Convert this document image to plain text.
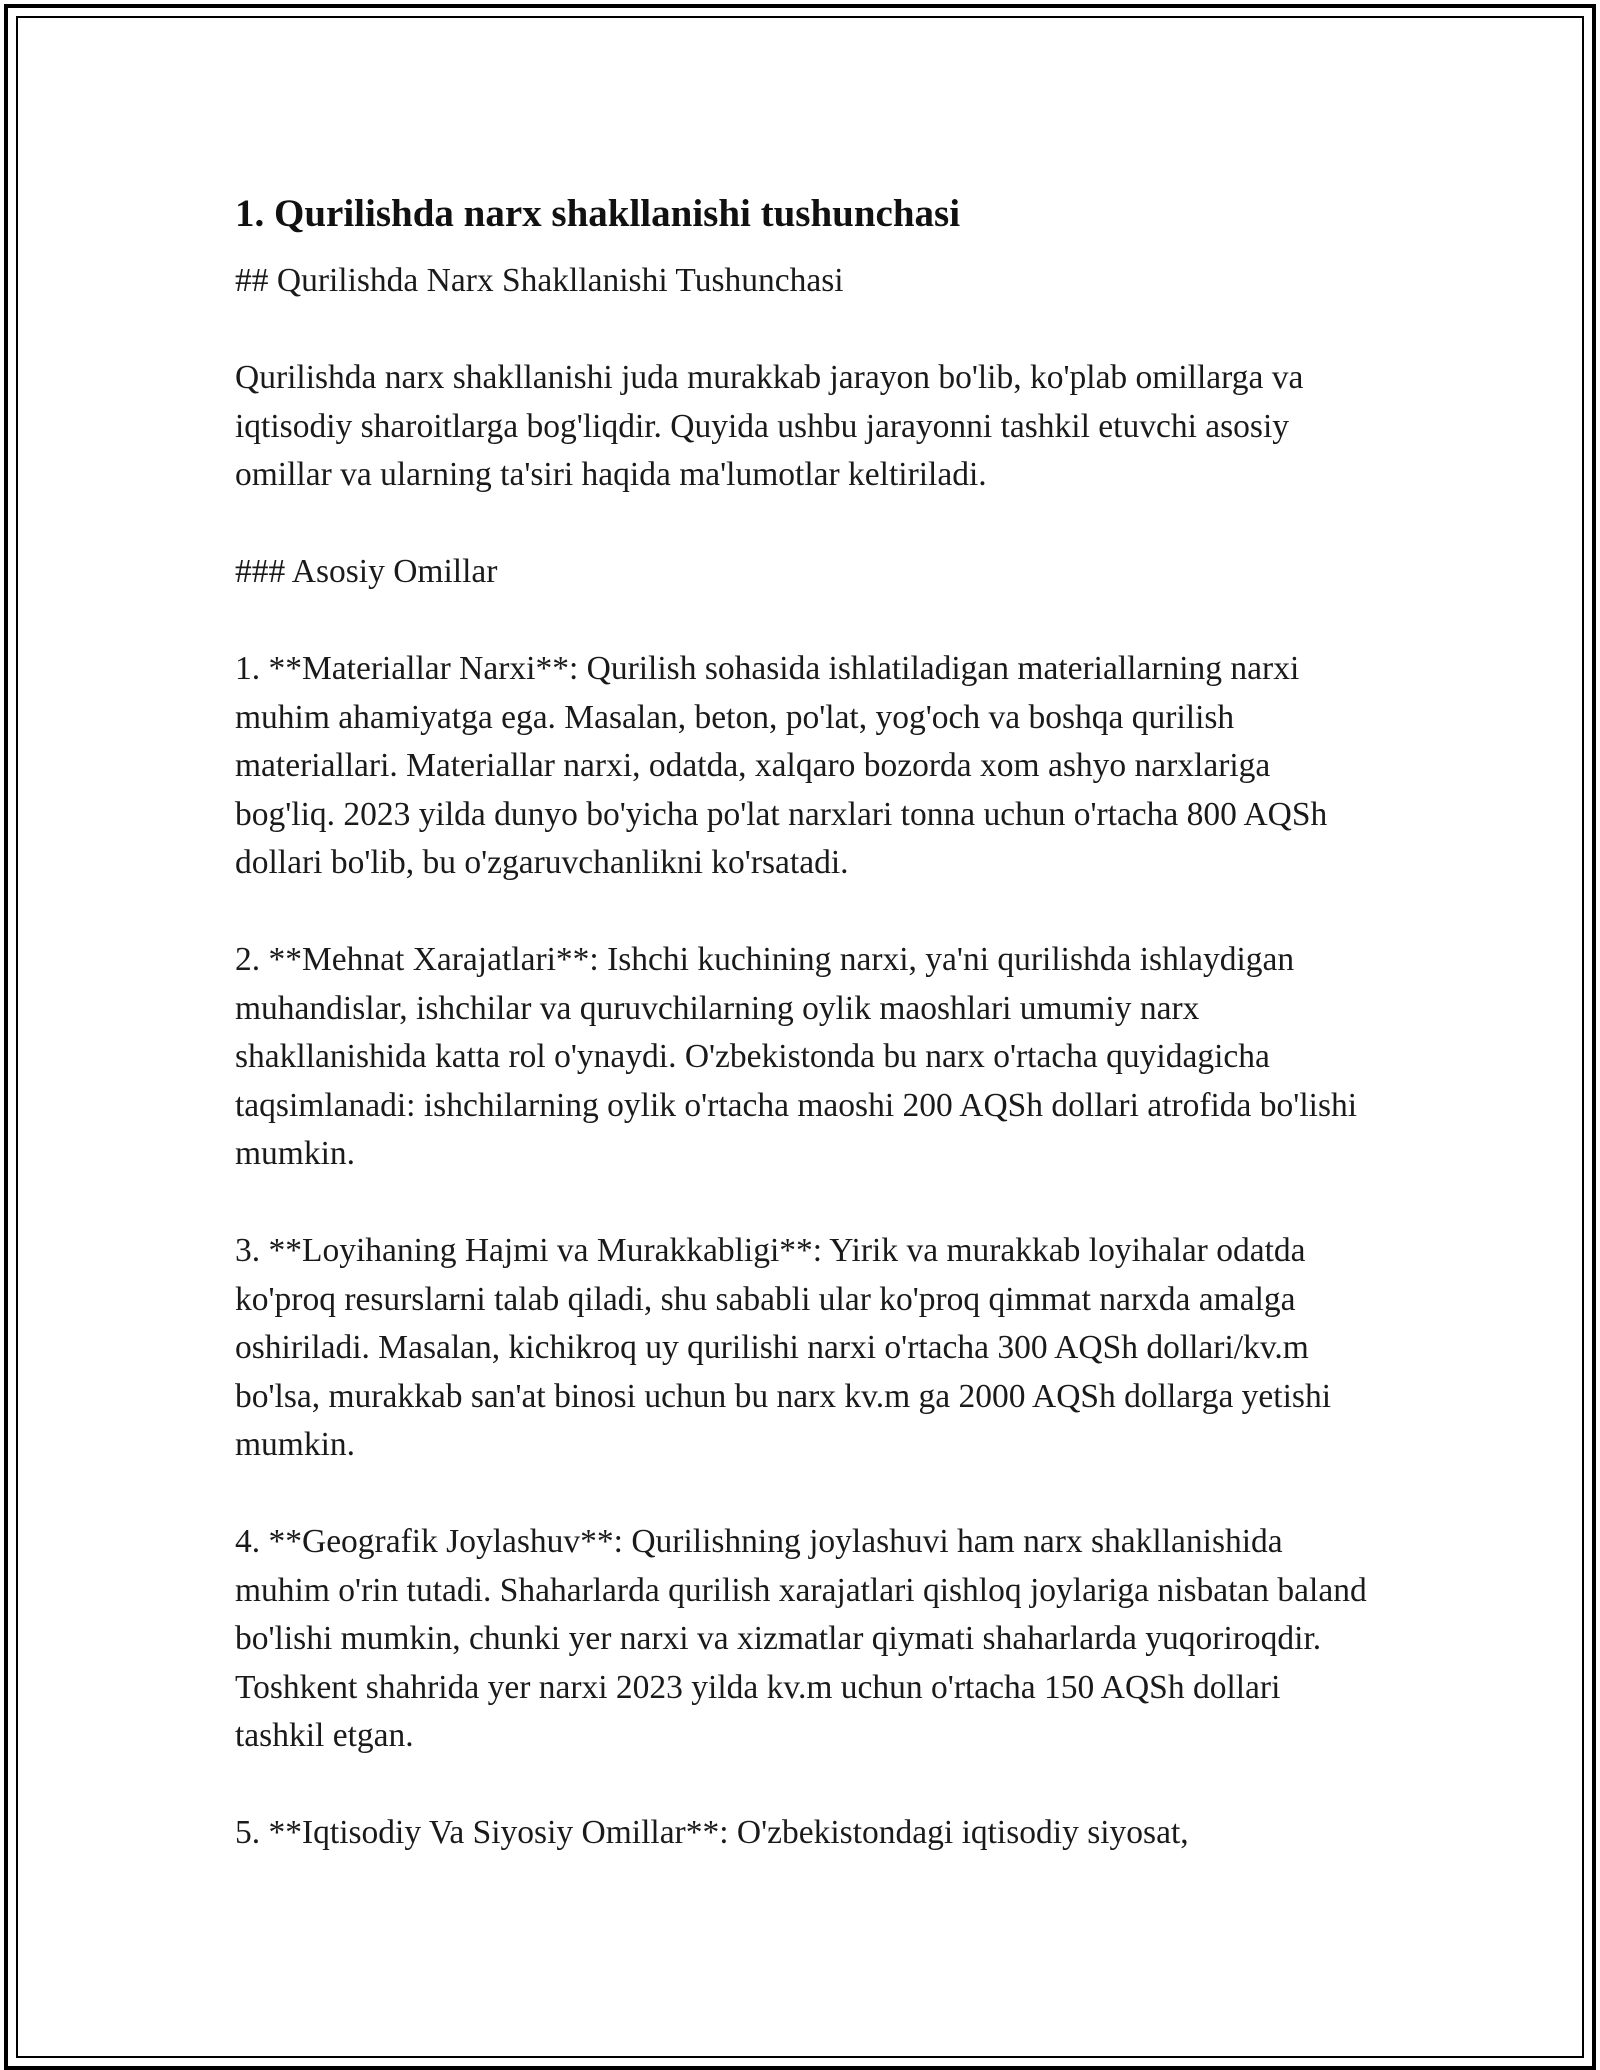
1. Qurilishda narx shakllanishi tushunchasi

## Qurilishda Narx Shakllanishi Tushunchasi

Qurilishda narx shakllanishi juda murakkab jarayon bo'lib, ko'plab omillarga va iqtisodiy sharoitlarga bog'liqdir. Quyida ushbu jarayonni tashkil etuvchi asosiy omillar va ularning ta'siri haqida ma'lumotlar keltiriladi.

### Asosiy Omillar

1. **Materiallar Narxi**: Qurilish sohasida ishlatiladigan materiallarning narxi muhim ahamiyatga ega. Masalan, beton, po'lat, yog'och va boshqa qurilish materiallari. Materiallar narxi, odatda, xalqaro bozorda xom ashyo narxlariga bog'liq. 2023 yilda dunyo bo'yicha po'lat narxlari tonna uchun o'rtacha 800 AQSh dollari bo'lib, bu o'zgaruvchanlikni ko'rsatadi.

2. **Mehnat Xarajatlari**: Ishchi kuchining narxi, ya'ni qurilishda ishlaydigan muhandislar, ishchilar va quruvchilarning oylik maoshlari umumiy narx shakllanishida katta rol o'ynaydi. O'zbekistonda bu narx o'rtacha quyidagicha taqsimlanadi: ishchilarning oylik o'rtacha maoshi 200 AQSh dollari atrofida bo'lishi mumkin.

3. **Loyihaning Hajmi va Murakkabligi**: Yirik va murakkab loyihalar odatda ko'proq resurslarni talab qiladi, shu sababli ular ko'proq qimmat narxda amalga oshiriladi. Masalan, kichikroq uy qurilishi narxi o'rtacha 300 AQSh dollari/kv.m bo'lsa, murakkab san'at binosi uchun bu narx kv.m ga 2000 AQSh dollarga yetishi mumkin.

4. **Geografik Joylashuv**: Qurilishning joylashuvi ham narx shakllanishida muhim o'rin tutadi. Shaharlarda qurilish xarajatlari qishloq joylariga nisbatan baland bo'lishi mumkin, chunki yer narxi va xizmatlar qiymati shaharlarda yuqoriroqdir. Toshkent shahrida yer narxi 2023 yilda kv.m uchun o'rtacha 150 AQSh dollari tashkil etgan.

5. **Iqtisodiy Va Siyosiy Omillar**: O'zbekistondagi iqtisodiy siyosat,
